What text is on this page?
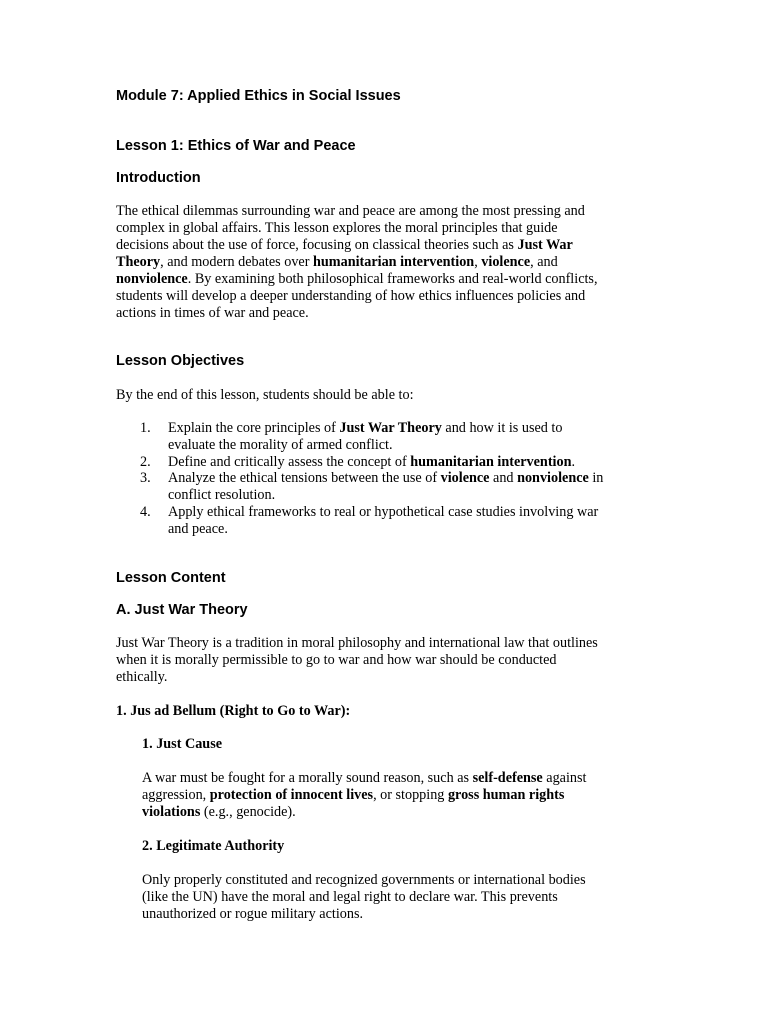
Module 7: Applied Ethics in Social Issues
Lesson 1: Ethics of War and Peace
Introduction

The ethical dilemmas surrounding war and peace are among the most pressing and

complex in global affairs. This lesson explores the moral principles that guide

decisions about the use of force, focusing on classical theories such as Just War

Theory, and modern debates over humanitarian intervention, violence, and

nonviolence. By examining both philosophical frameworks and real-world conflicts,

students will develop a deeper understanding of how ethics influences policies and

actions in times of war and peace.

Lesson Objectives

By the end of this lesson, students should be able to:

1. Explain the core principles of Just War Theory and how it is used to
evaluate the morality of armed conflict.
2. Define and critically assess the concept of humanitarian intervention.
3. Analyze the ethical tensions between the use of violence and nonviolence in
conflict resolution.
4. Apply ethical frameworks to real or hypothetical case studies involving war
and peace.
Lesson Content
A. Just War Theory

Just War Theory is a tradition in moral philosophy and international law that outlines

when it is morally permissible to go to war and how war should be conducted

ethically.

1. Jus ad Bellum (Right to Go to War):

1. Just Cause

A war must be fought for a morally sound reason, such as self-defense against

aggression, protection of innocent lives, or stopping gross human rights

violations (e.g., genocide).

2. Legitimate Authority

Only properly constituted and recognized governments or international bodies

(like the UN) have the moral and legal right to declare war. This prevents

unauthorized or rogue military actions.
